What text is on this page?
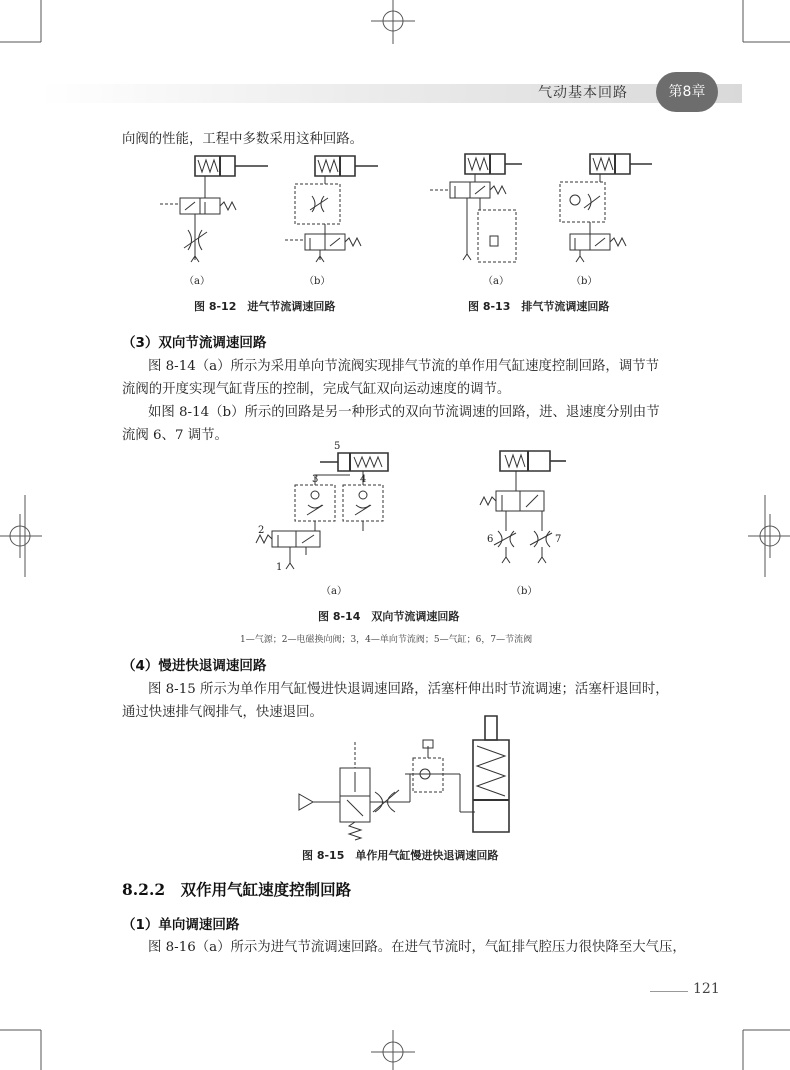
气动基本回路	第8章
向阀的性能，工程中多数采用这种回路。
（a）	（b）
图 8-12　进气节流调速回路
（a）	（b）
图 8-13　排气节流调速回路
（3）双向节流调速回路
图 8-14（a）所示为采用单向节流阀实现排气节流的单作用气缸速度控制回路，调节节
流阀的开度实现气缸背压的控制，完成气缸双向运动速度的调节。
如图 8-14（b）所示的回路是另一种形式的双向节流调速的回路，进、退速度分别由节
流阀 6、7 调节。
5
3	4
2
1
6	7
（a）	（b）
图 8-14　双向节流调速回路
1—气源；2—电磁换向阀；3，4—单向节流阀；5—气缸；6，7—节流阀
（4）慢进快退调速回路
图 8-15 所示为单作用气缸慢进快退调速回路，活塞杆伸出时节流调速；活塞杆退回时，
通过快速排气阀排气，快速退回。
图 8-15　单作用气缸慢进快退调速回路
8.2.2　双作用气缸速度控制回路
（1）单向调速回路
图 8-16（a）所示为进气节流调速回路。在进气节流时，气缸排气腔压力很快降至大气压，
121
